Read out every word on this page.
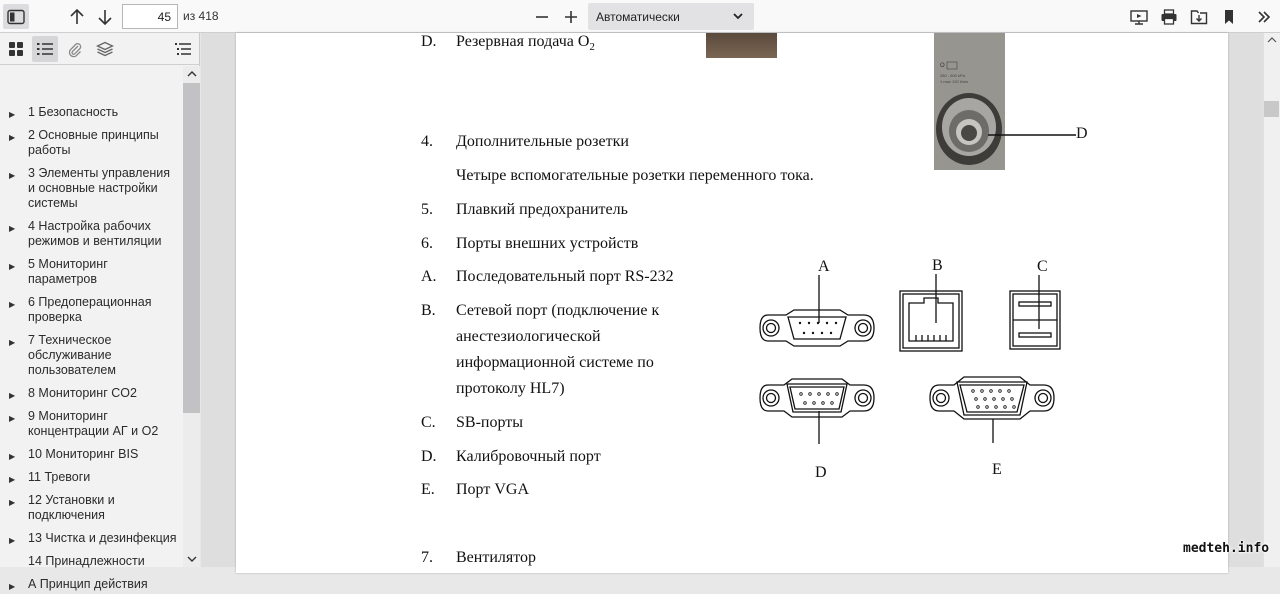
45
из 418	Автоматически
▶	1 Безопасность
▶	2 Основные принципы работы
▶	3 Элементы управления и основные настройки системы
▶	4 Настройка рабочих режимов и вентиляции
▶	5 Мониторинг параметров
▶	6 Предоперационная проверка
▶	7 Техническое обслуживание пользователем
▶	8 Мониторинг CO2
▶	9 Мониторинг концентрации АГ и O2
▶	10 Мониторинг BIS
▶	11 Тревоги
▶	12 Установки и подключения
▶	13 Чистка и дезинфекция
14 Принадлежности
▶	А Принцип действия
O
280 - 600 kPa
1 max 120 l/min
D
D. Резервная подача $O_2$
4. Дополнительные розетки
Четыре вспомогательные розетки переменного тока.
5. Плавкий предохранитель
6. Порты внешних устройств
A. Последовательный порт RS-232
B. Сетевой порт (подключение к
анестезиологической
информационной системе по
протоколу HL7)
C. SB-порты
D. Калибровочный порт
E. Порт VGA
7. Вентилятор
A	B	C
D	E
medteh.info
